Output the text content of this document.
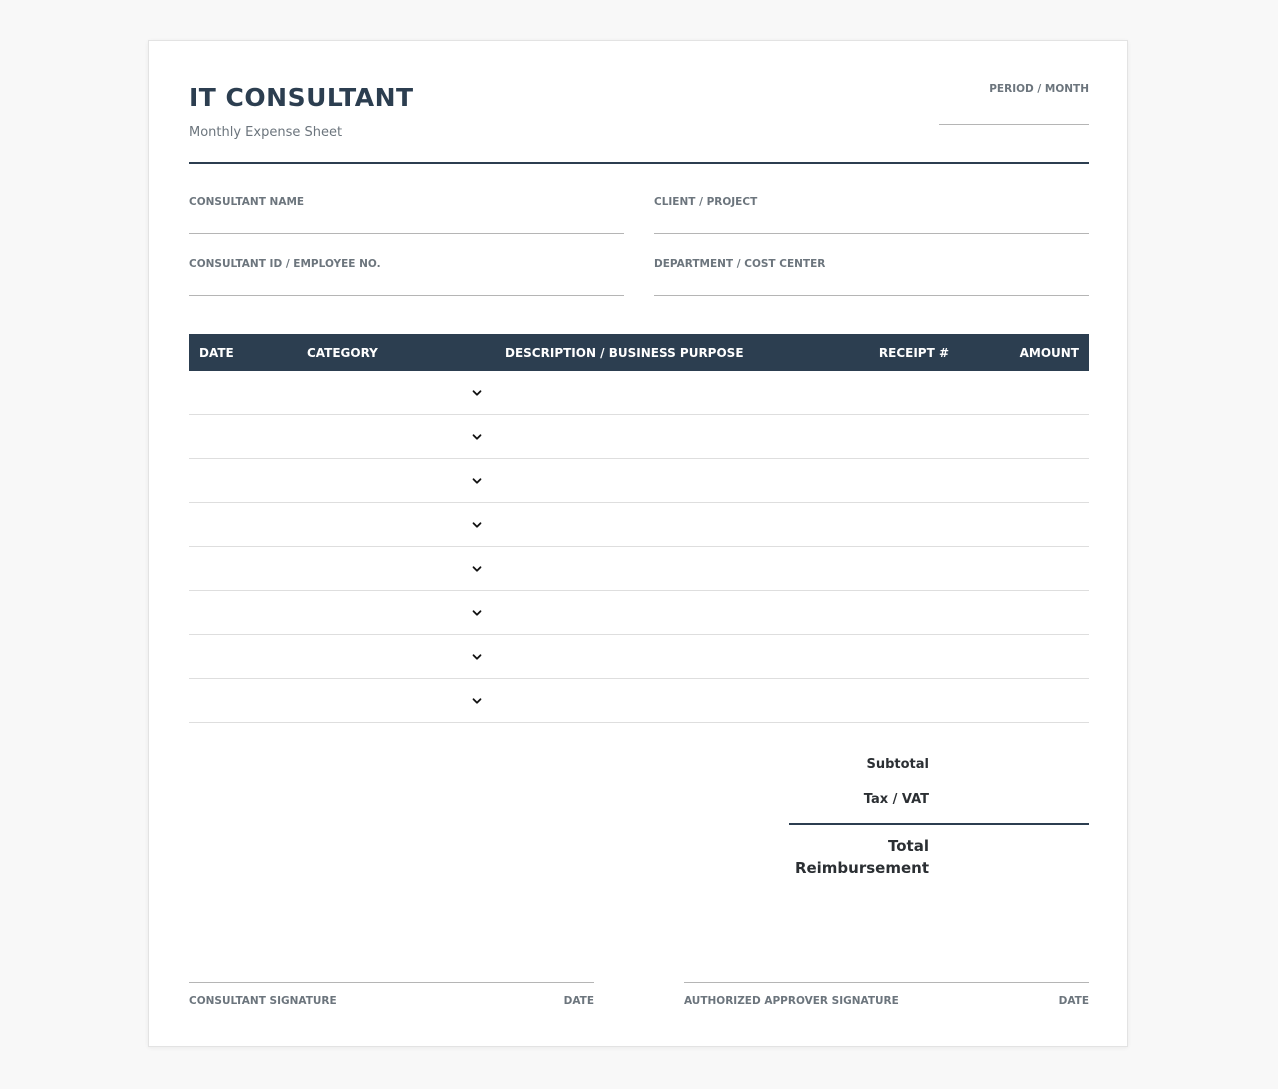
IT CONSULTANT
Monthly Expense Sheet
PERIOD / MONTH
CONSULTANT NAME	CLIENT / PROJECT
CONSULTANT ID / EMPLOYEE NO.	DEPARTMENT / COST CENTER
DATE	CATEGORY	DESCRIPTION / BUSINESS PURPOSE	RECEIPT #	AMOUNT

Subtotal
Tax / VAT
Total
Reimbursement
CONSULTANT SIGNATURE	DATE	AUTHORIZED APPROVER SIGNATURE	DATE
